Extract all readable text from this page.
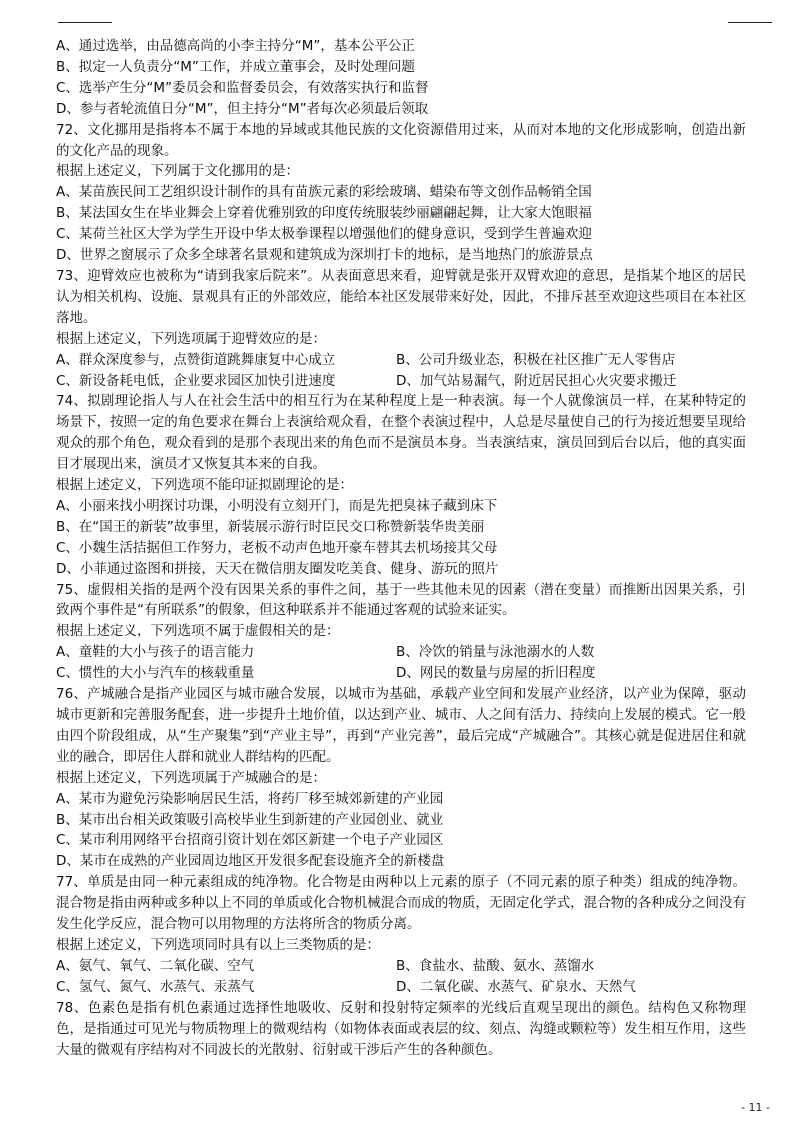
A、通过选举，由品德高尚的小李主持分“M”，基本公平公正
B、拟定一人负责分“M”工作，并成立董事会，及时处理问题
C、选举产生分“M”委员会和监督委员会，有效落实执行和监督
D、参与者轮流值日分“M”，但主持分“M”者每次必须最后领取
72、文化挪用是指将本不属于本地的异域或其他民族的文化资源借用过来，从而对本地的文化形成影响，创造出新的文化产品的现象。
根据上述定义，下列属于文化挪用的是：
A、某苗族民间工艺组织设计制作的具有苗族元素的彩绘玻璃、蜡染布等文创作品畅销全国
B、某法国女生在毕业舞会上穿着优雅别致的印度传统服装纱丽翩翩起舞，让大家大饱眼福
C、某荷兰社区大学为学生开设中华太极拳课程以增强他们的健身意识，受到学生普遍欢迎
D、世界之窗展示了众多全球著名景观和建筑成为深圳打卡的地标，是当地热门的旅游景点
73、迎臂效应也被称为“请到我家后院来”。从表面意思来看，迎臂就是张开双臂欢迎的意思，是指某个地区的居民认为相关机构、设施、景观具有正的外部效应，能给本社区发展带来好处，因此，不排斥甚至欢迎这些项目在本社区落地。
根据上述定义，下列选项属于迎臂效应的是：
A、群众深度参与，点赞街道跳舞康复中心成立	B、公司升级业态，积极在社区推广无人零售店
C、新设备耗电低，企业要求园区加快引进速度	D、加气站易漏气，附近居民担心火灾要求搬迁
74、拟剧理论指人与人在社会生活中的相互行为在某种程度上是一种表演。每一个人就像演员一样，在某种特定的场景下，按照一定的角色要求在舞台上表演给观众看，在整个表演过程中，人总是尽量使自己的行为接近想要呈现给观众的那个角色，观众看到的是那个表现出来的角色而不是演员本身。当表演结束，演员回到后台以后，他的真实面目才展现出来，演员才又恢复其本来的自我。
根据上述定义，下列选项不能印证拟剧理论的是：
A、小丽来找小明探讨功课，小明没有立刻开门，而是先把臭袜子藏到床下
B、在“国王的新装”故事里，新装展示游行时臣民交口称赞新装华贵美丽
C、小魏生活拮据但工作努力，老板不动声色地开豪车替其去机场接其父母
D、小菲通过盗图和拼接，天天在微信朋友圈发吃美食、健身、游玩的照片
75、虚假相关指的是两个没有因果关系的事件之间，基于一些其他未见的因素（潜在变量）而推断出因果关系，引致两个事件是“有所联系”的假象，但这种联系并不能通过客观的试验来证实。
根据上述定义，下列选项不属于虚假相关的是：
A、童鞋的大小与孩子的语言能力	B、冷饮的销量与泳池溺水的人数
C、惯性的大小与汽车的核载重量	D、网民的数量与房屋的折旧程度
76、产城融合是指产业园区与城市融合发展，以城市为基础，承载产业空间和发展产业经济，以产业为保障，驱动城市更新和完善服务配套，进一步提升土地价值，以达到产业、城市、人之间有活力、持续向上发展的模式。它一般由四个阶段组成，从“生产聚集”到“产业主导”，再到“产业完善”，最后完成“产城融合”。其核心就是促进居住和就业的融合，即居住人群和就业人群结构的匹配。
根据上述定义，下列选项属于产城融合的是：
A、某市为避免污染影响居民生活，将药厂移至城郊新建的产业园
B、某市出台相关政策吸引高校毕业生到新建的产业园创业、就业
C、某市利用网络平台招商引资计划在郊区新建一个电子产业园区
D、某市在成熟的产业园周边地区开发很多配套设施齐全的新楼盘
77、单质是由同一种元素组成的纯净物。化合物是由两种以上元素的原子（不同元素的原子种类）组成的纯净物。混合物是指由两种或多种以上不同的单质或化合物机械混合而成的物质，无固定化学式，混合物的各种成分之间没有发生化学反应，混合物可以用物理的方法将所含的物质分离。
根据上述定义，下列选项同时具有以上三类物质的是：
A、氨气、氧气、二氧化碳、空气	B、食盐水、盐酸、氨水、蒸馏水
C、氢气、氮气、水蒸气、汞蒸气	D、二氧化碳、水蒸气、矿泉水、天然气
78、色素色是指有机色素通过选择性地吸收、反射和投射特定频率的光线后直观呈现出的颜色。结构色又称物理色，是指通过可见光与物质物理上的微观结构（如物体表面或表层的纹、刻点、沟缝或颗粒等）发生相互作用，这些大量的微观有序结构对不同波长的光散射、衍射或干涉后产生的各种颜色。
- 11 -
